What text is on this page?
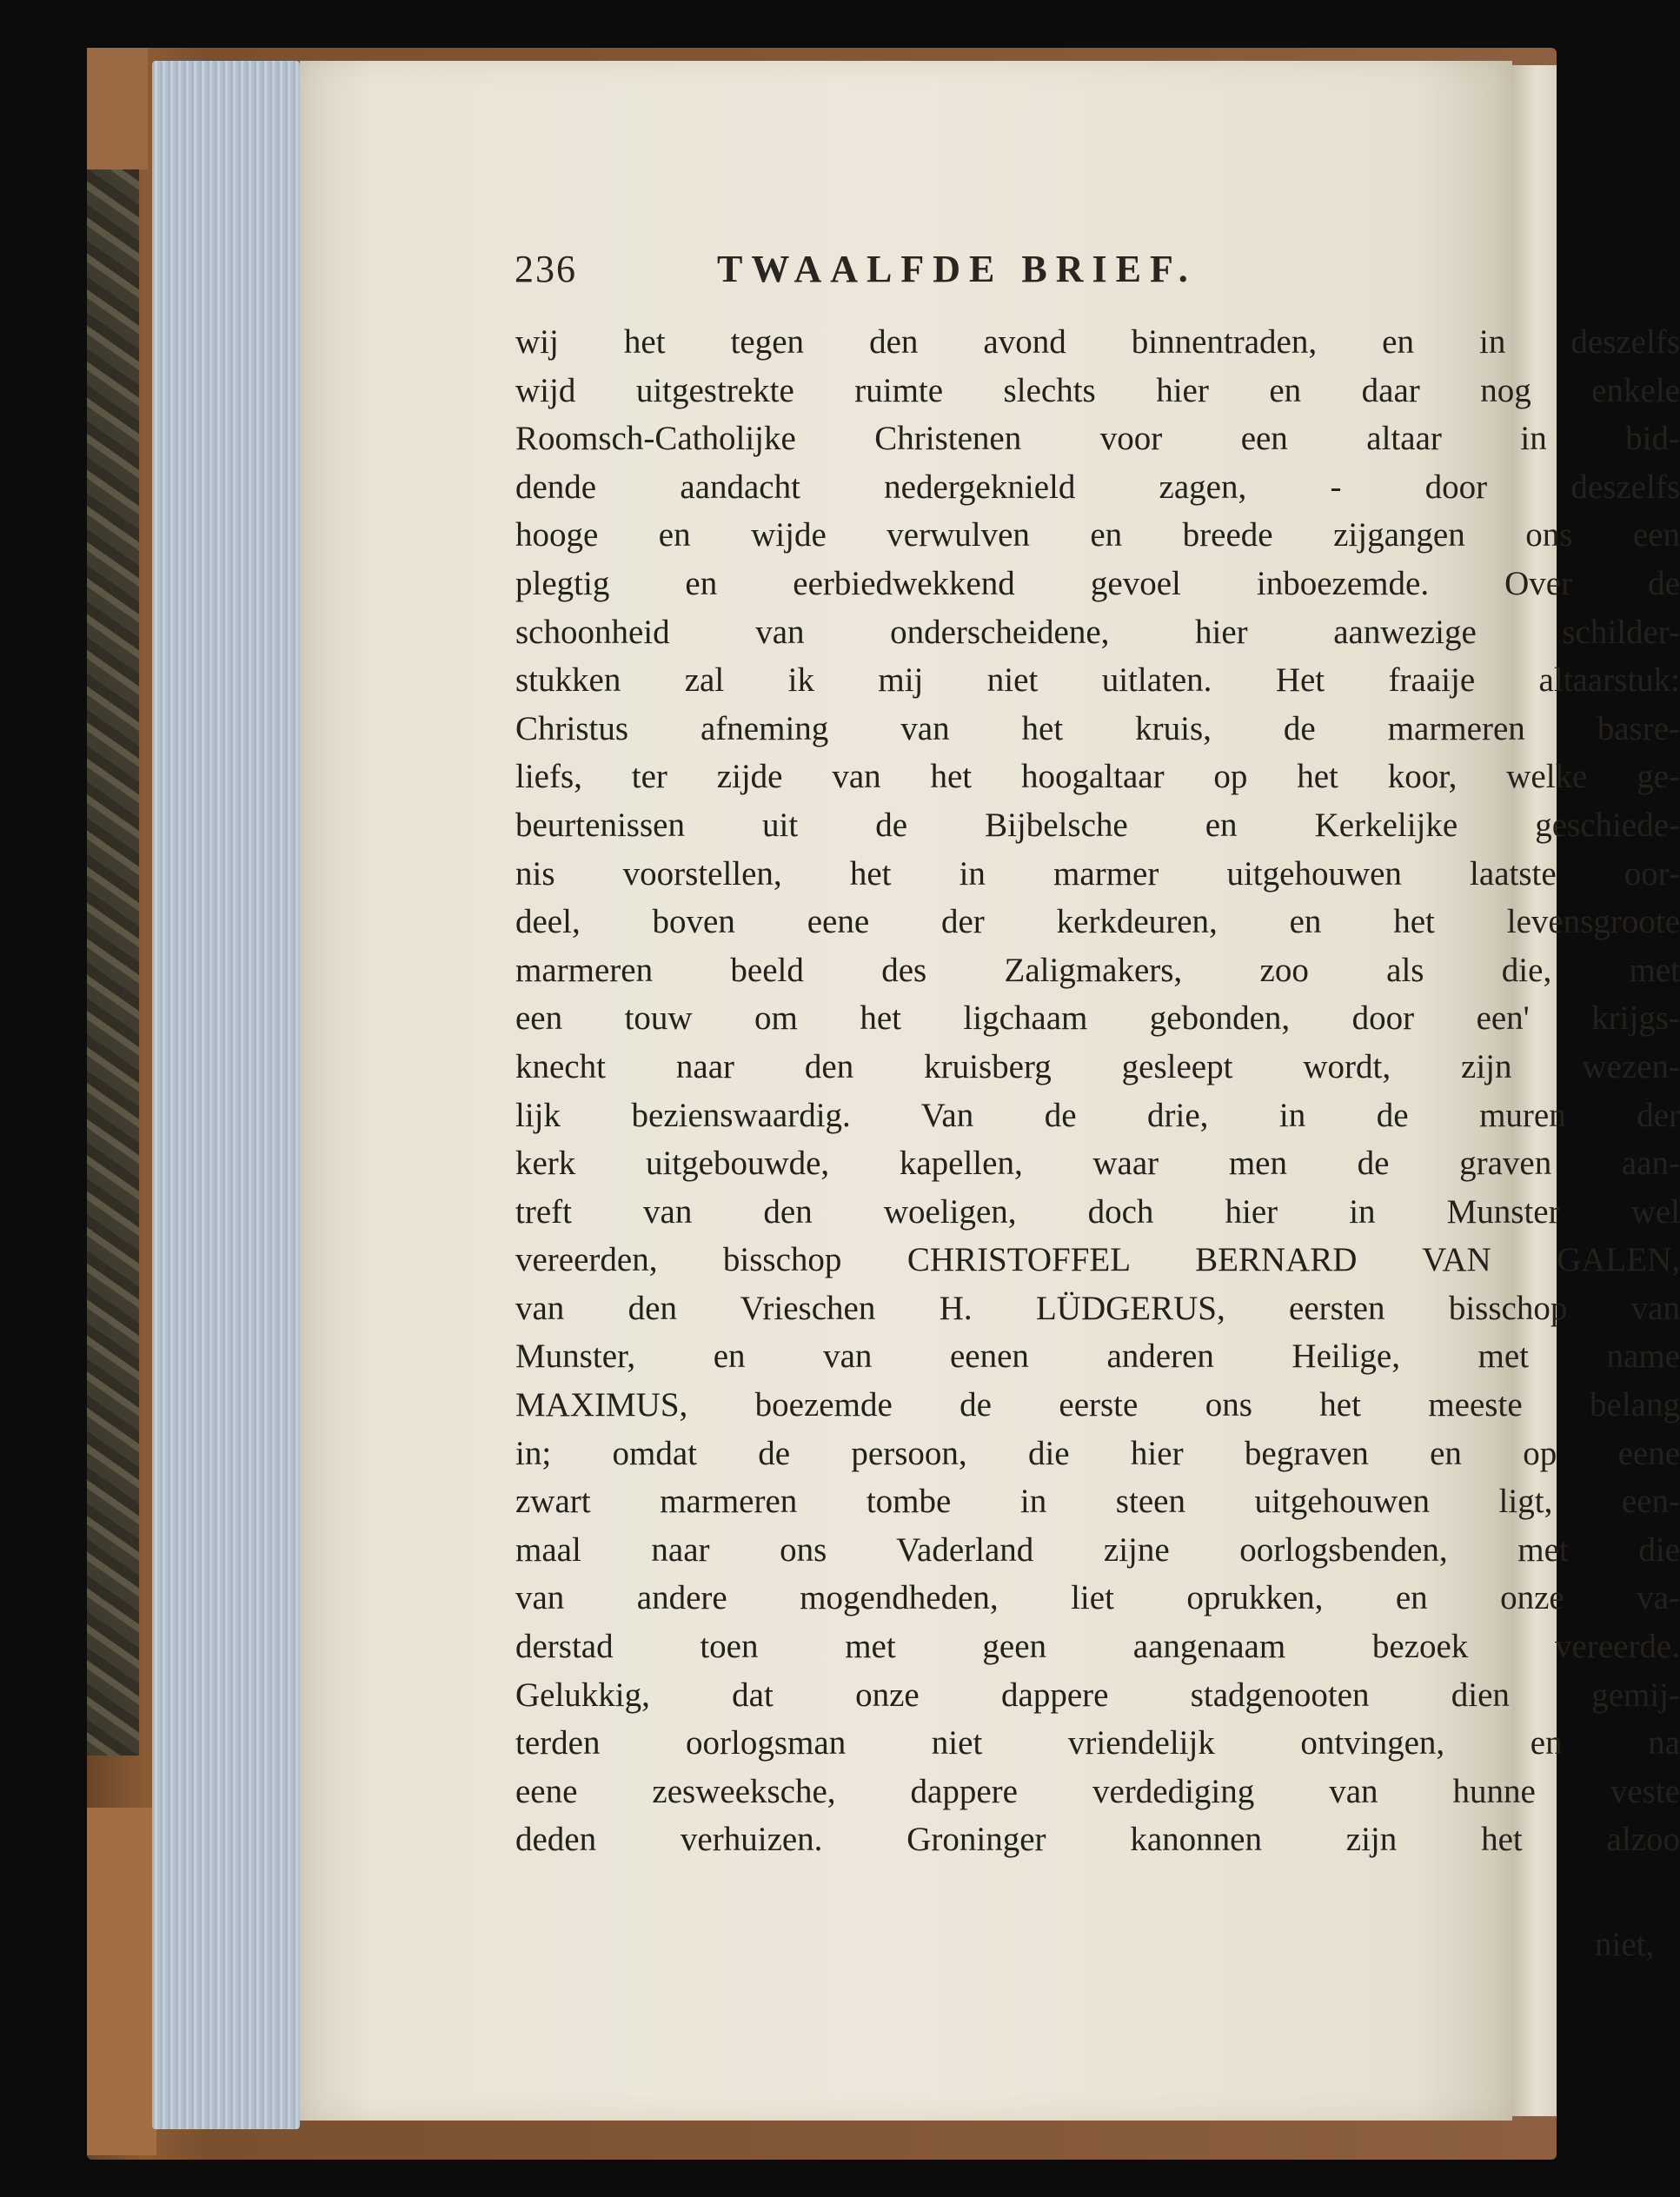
236	TWAALFDE BRIEF.
wij het tegen den avond binnentraden, en in deszelfs
wijd uitgestrekte ruimte slechts hier en daar nog enkele
Roomsch-Catholijke Christenen voor een altaar in bid-
dende aandacht nedergeknield zagen, - door deszelfs
hooge en wijde verwulven en breede zijgangen ons een
plegtig en eerbiedwekkend gevoel inboezemde. Over de
schoonheid van onderscheidene, hier aanwezige schilder-
stukken zal ik mij niet uitlaten. Het fraaije altaarstuk:
Christus afneming van het kruis, de marmeren basre-
liefs, ter zijde van het hoogaltaar op het koor, welke ge-
beurtenissen uit de Bijbelsche en Kerkelijke geschiede-
nis voorstellen, het in marmer uitgehouwen laatste oor-
deel, boven eene der kerkdeuren, en het levensgroote
marmeren beeld des Zaligmakers, zoo als die, met
een touw om het ligchaam gebonden, door een' krijgs-
knecht naar den kruisberg gesleept wordt, zijn wezen-
lijk bezienswaardig. Van de drie, in de muren der
kerk uitgebouwde, kapellen, waar men de graven aan-
treft van den woeligen, doch hier in Munster wel
vereerden, bisschop CHRISTOFFEL BERNARD VAN GALEN,
van den Vrieschen H. LÜDGERUS, eersten bisschop van
Munster, en van eenen anderen Heilige, met name
MAXIMUS, boezemde de eerste ons het meeste belang
in; omdat de persoon, die hier begraven en op eene
zwart marmeren tombe in steen uitgehouwen ligt, een-
maal naar ons Vaderland zijne oorlogsbenden, met die
van andere mogendheden, liet oprukken, en onze va-
derstad toen met geen aangenaam bezoek vereerde.
Gelukkig, dat onze dappere stadgenooten dien gemij-
terden oorlogsman niet vriendelijk ontvingen, en na
eene zesweeksche, dappere verdediging van hunne veste
deden verhuizen. Groninger kanonnen zijn het alzoo
niet,
